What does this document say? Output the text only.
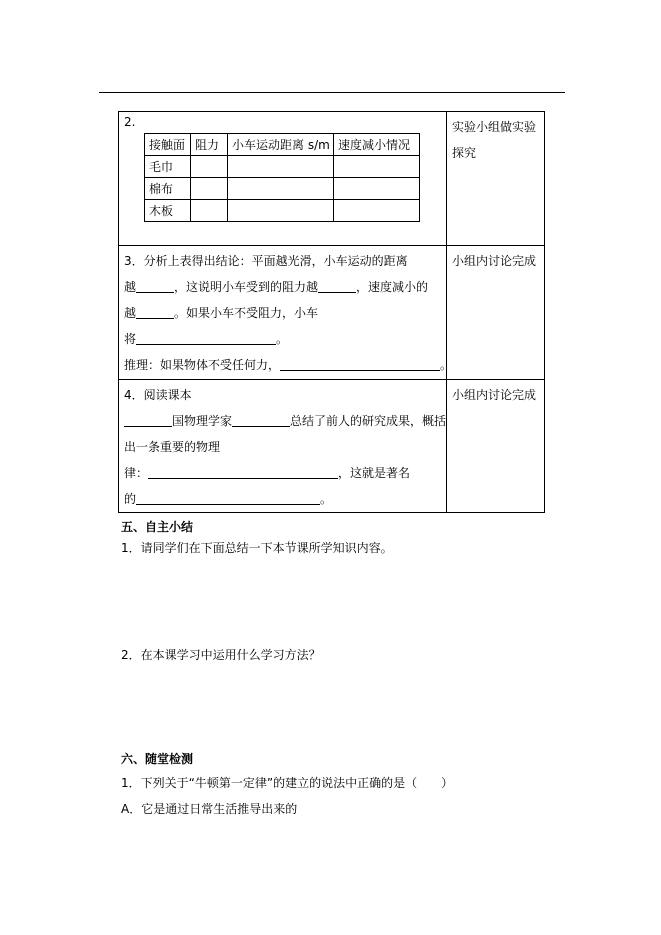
2.
接触面	阻力	小车运动距离 s/m	速度减小情况
毛巾			
棉布			
木板			

实验小组做实验
探究

3．分析上表得出结论：平面越光滑，小车运动的距离
越	，这说明小车受到的阻力越	，速度减小的
越	。如果小车不受阻力，小车
将	。
推理：如果物体不受任何力，	。

小组内讨论完成

4．阅读课本
国物理学家	总结了前人的研究成果，概括
出一条重要的物理
律：	，这就是著名
的	。

小组内讨论完成
五、自主小结
1．请同学们在下面总结一下本节课所学知识内容。
2．在本课学习中运用什么学习方法？
六、随堂检测
1．下列关于“牛顿第一定律”的建立的说法中正确的是（　　）
A．它是通过日常生活推导出来的
